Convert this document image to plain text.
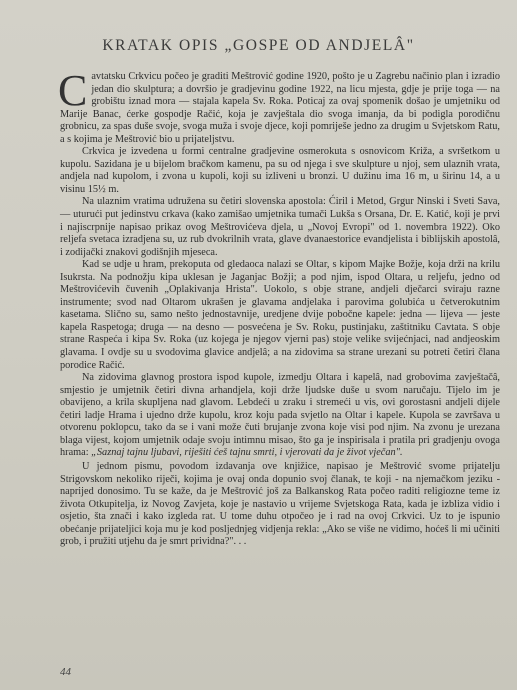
KRATAK OPIS „GOSPE OD ANDJELÂ"

Cavtatsku Crkvicu počeo je graditi Meštrović godine 1920, pošto je u Zagrebu načinio plan i izradio jedan dio skulptura; a dovršio je gradjevinu godine 1922, na licu mjesta, gdje je prije toga — na grobištu iznad mora — stajala kapela Sv. Roka. Poticaj za ovaj spomenik došao je umjetniku od Marije Banac, ćerke gospodje Račić, koja je zavještala dio svoga imanja, da bi podigla porodičnu grobnicu, za spas duše svoje, svoga muža i svoje djece, koji pomriješe jedno za drugim u Svjetskom Ratu, a s kojima je Meštrović bio u prijateljstvu.

Crkvica je izvedena u formi centralne gradjevine osmerokuta s osnovicom Križa, a svršetkom u kupolu. Sazidana je u bijelom bračkom kamenu, pa su od njega i sve skulpture u njoj, sem ulaznih vrata, andjela nad kupolom, i zvona u kupoli, koji su izliveni u bronzi. U dužinu ima 16 m, u širinu 14, a u visinu 15½ m.

Na ulaznim vratima udružena su četiri slovenska apostola: Ćiril i Metod, Grgur Ninski i Sveti Sava, — uturući put jedinstvu crkava (kako zamišao umjetnika tumači Lukša s Orsana, Dr. E. Katić, koji je prvi i najiscrpnije napisao prikaz ovog Meštrovićeva djela, u „Novoj Evropi" od 1. novembra 1922). Oko reljefa svetaca izradjena su, uz rub dvokrilnih vrata, glave dvanaestorice evandjelista i biblijskih apostolâ, i zodijački znakovi godišnjih mjeseca.

Kad se udje u hram, prekoputa od gledaoca nalazi se Oltar, s kipom Majke Božje, koja drži na krilu Isukrsta. Na podnožju kipa uklesan je Jaganjac Božji; a pod njim, ispod Oltara, u reljefu, jedno od Meštrovićevih čuvenih „Oplakivanja Hrista". Uokolo, s obje strane, andjeli dječarci sviraju razne instrumente; svod nad Oltarom ukrašen je glavama andjelaka i parovima golubića u četverokutnim kasetama. Slično su, samo nešto jednostavnije, uredjene dvije pobočne kapele: jedna — lijeva — jeste kapela Raspetoga; druga — na desno — posvećena je Sv. Roku, pustinjaku, zaštitniku Cavtata. S obje strane Raspeća i kipa Sv. Roka (uz kojega je njegov vjerni pas) stoje velike svijećnjaci, nad andjeoskim glavama. I ovdje su u svodovima glavice andjelâ; a na zidovima sa strane urezani su potreti četiri člana porodice Račić.

Na zidovima glavnog prostora ispod kupole, izmedju Oltara i kapelâ, nad grobovima zavještačâ, smjestio je umjetnik četiri divna arhandjela, koji drže ljudske duše u svom naručaju. Tijelo im je obavijeno, a krila skupljena nad glavom. Lebdeći u zraku i stremeći u vis, ovi gorostasni andjeli dijele četiri ladje Hrama i ujedno drže kupolu, kroz koju pada svjetlo na Oltar i kapele. Kupola se završava u otvorenu poklopcu, tako da se i vani može čuti brujanje zvona koje visi pod njim. Na zvonu je urezana blaga vijest, kojom umjetnik odaje svoju intimnu misao, što ga je inspirisala i pratila pri gradjenju ovoga hrama: „Saznaj tajnu ljubavi, riješiti ćeš tajnu smrti, i vjerovati da je život vječan".

U jednom pismu, povodom izdavanja ove knjižice, napisao je Meštrović svome prijatelju Strigovskom nekoliko riječi, kojima je ovaj onda dopunio svoj članak, te koji - na njemačkom jeziku - naprijed donosimo. Tu se kaže, da je Meštrović još za Balkanskog Rata počeo raditi religiozne teme iz života Otkupitelja, iz Novog Zavjeta, koje je nastavio u vrijeme Svjetskoga Rata, kada je izbliza vidio i osjetio, šta znači i kako izgleda rat. U tome duhu otpočeo je i rad na ovoj Crkvici. Uz to je ispunio obećanje prijateljici koja mu je kod posljednjeg vidjenja rekla: „Ako se više ne vidimo, hoćeš li mi učiniti grob, i pružiti utjehu da je smrt prividna?". . .

44
